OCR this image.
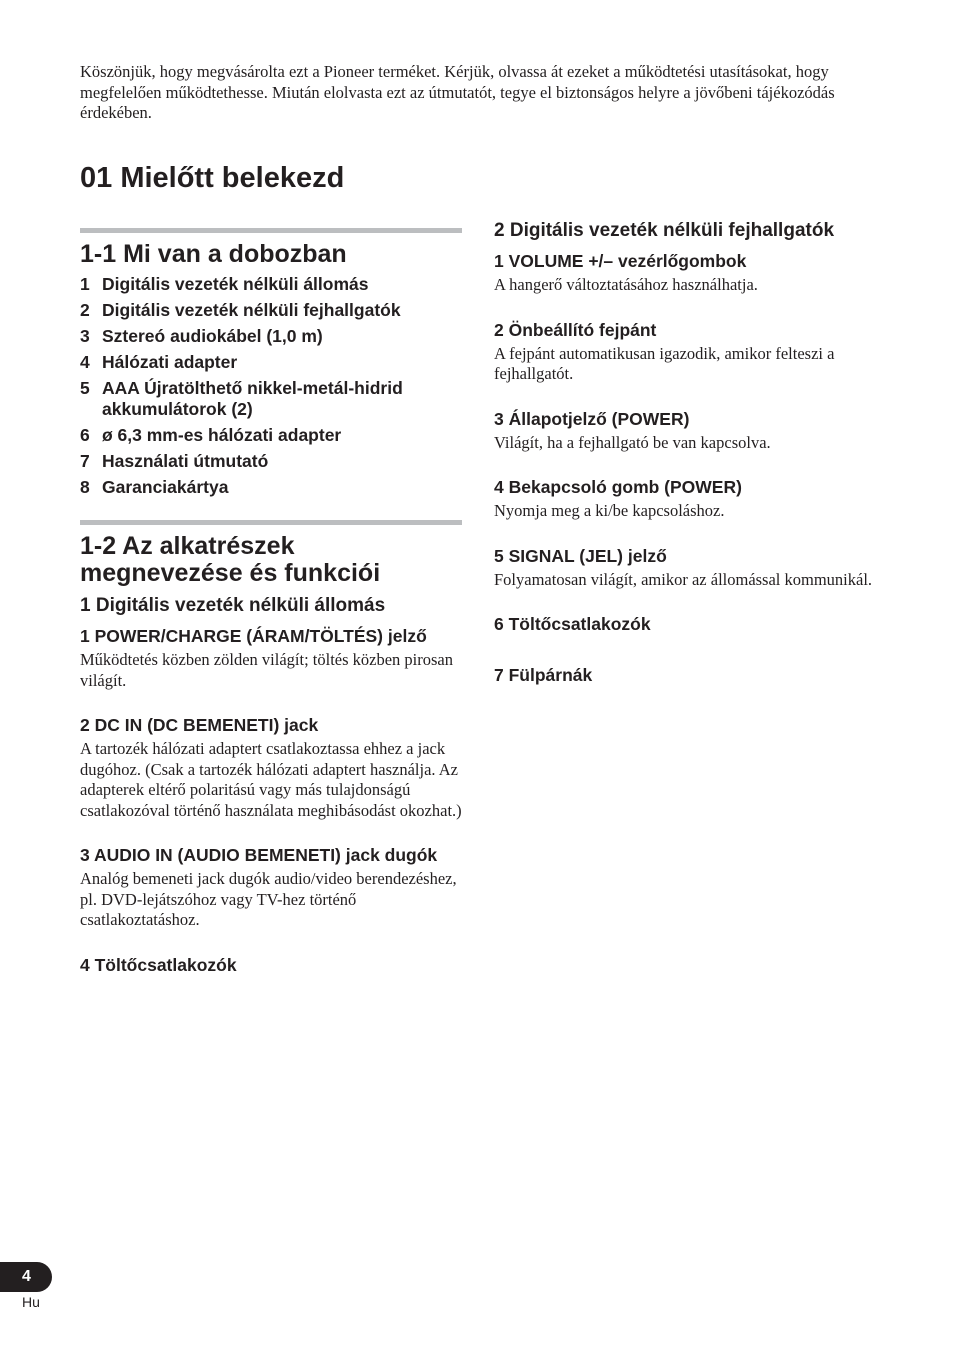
Köszönjük, hogy megvásárolta ezt a Pioneer terméket. Kérjük, olvassa át ezeket a működtetési utasításokat, hogy megfelelően működtethesse. Miután elolvasta ezt az útmutatót, tegye el biztonságos helyre a jövőbeni tájékozódás érdekében.
01 Mielőtt belekezd
1-1 Mi van a dobozban
1 Digitális vezeték nélküli állomás
2 Digitális vezeték nélküli fejhallgatók
3 Sztereó audiokábel (1,0 m)
4 Hálózati adapter
5 AAA Újratölthető nikkel-metál-hidrid akkumulátorok (2)
6 ø 6,3 mm-es hálózati adapter
7 Használati útmutató
8 Garanciakártya
1-2 Az alkatrészek megnevezése és funkciói
1 Digitális vezeték nélküli állomás
1 POWER/CHARGE (ÁRAM/TÖLTÉS) jelző
Működtetés közben zölden világít; töltés közben pirosan világít.
2 DC IN (DC BEMENETI) jack
A tartozék hálózati adaptert csatlakoztassa ehhez a jack dugóhoz. (Csak a tartozék hálózati adaptert használja. Az adapterek eltérő polaritású vagy más tulajdonságú csatlakozóval történő használata meghibásodást okozhat.)
3 AUDIO IN (AUDIO BEMENETI) jack dugók
Analóg bemeneti jack dugók audio/video berendezéshez, pl. DVD-lejátszóhoz vagy TV-hez történő csatlakoztatáshoz.
4 Töltőcsatlakozók
2 Digitális vezeték nélküli fejhallgatók
1 VOLUME +/– vezérlőgombok
A hangerő változtatásához használhatja.
2 Önbeállító fejpánt
A fejpánt automatikusan igazodik, amikor felteszi a fejhallgatót.
3 Állapotjelző (POWER)
Világít, ha a fejhallgató be van kapcsolva.
4 Bekapcsoló gomb (POWER)
Nyomja meg a ki/be kapcsoláshoz.
5 SIGNAL (JEL) jelző
Folyamatosan világít, amikor az állomással kommunikál.
6 Töltőcsatlakozók
7 Fülpárnák
4
Hu
